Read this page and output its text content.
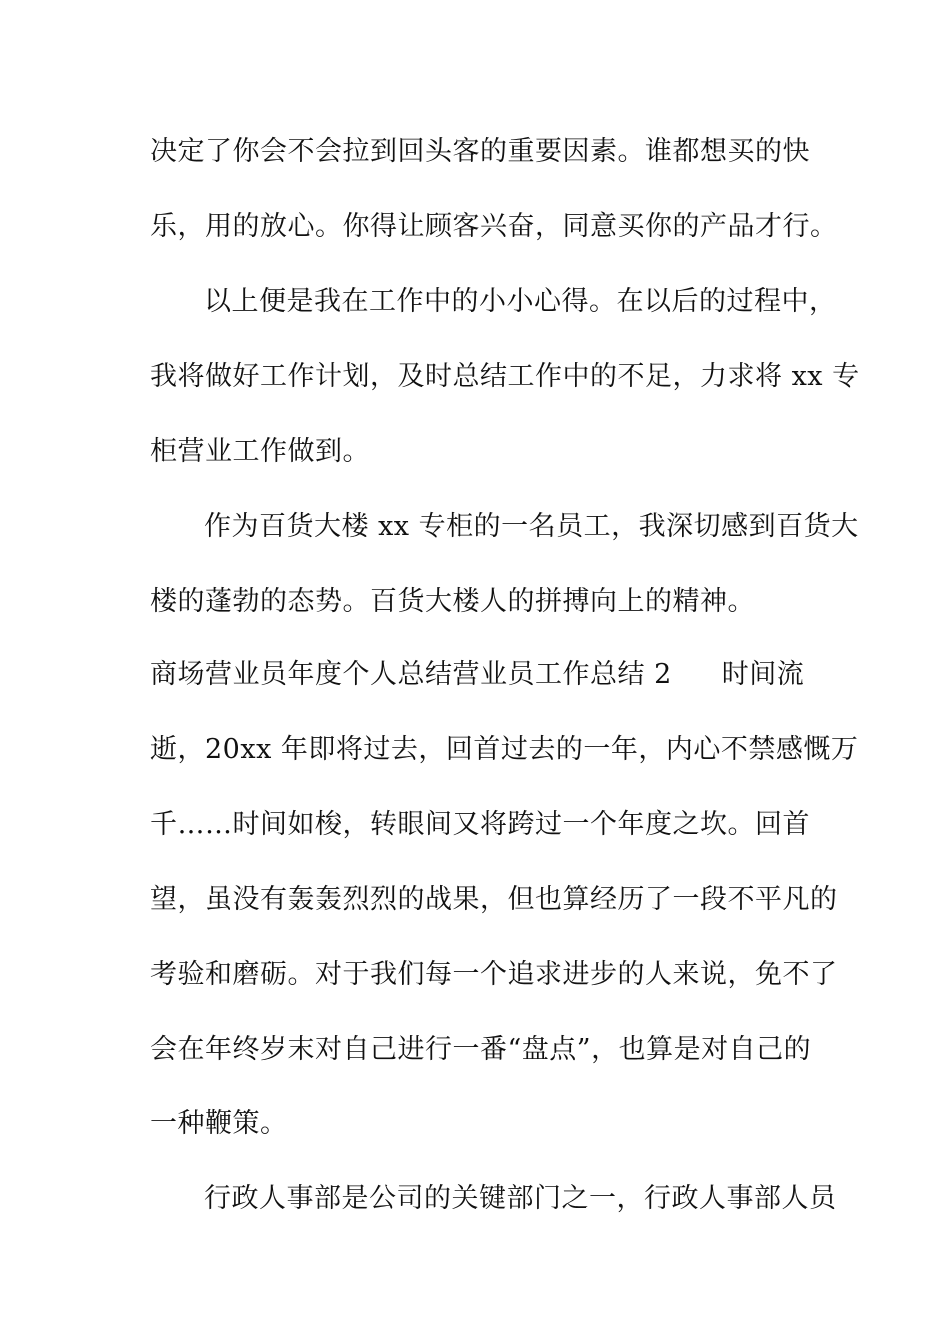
决定了你会不会拉到回头客的重要因素。谁都想买的快
乐，用的放心。你得让顾客兴奋，同意买你的产品才行。
以上便是我在工作中的小小心得。在以后的过程中，
我将做好工作计划，及时总结工作中的不足，力求将 xx 专
柜营业工作做到。
作为百货大楼 xx 专柜的一名员工，我深切感到百货大
楼的蓬勃的态势。百货大楼人的拼搏向上的精神。
商场营业员年度个人总结营业员工作总结 2 时间流
逝，20xx 年即将过去，回首过去的一年，内心不禁感慨万
千……时间如梭，转眼间又将跨过一个年度之坎。回首
望，虽没有轰轰烈烈的战果，但也算经历了一段不平凡的
考验和磨砺。对于我们每一个追求进步的人来说，免不了
会在年终岁末对自己进行一番“盘点”，也算是对自己的
一种鞭策。
行政人事部是公司的关键部门之一，行政人事部人员
